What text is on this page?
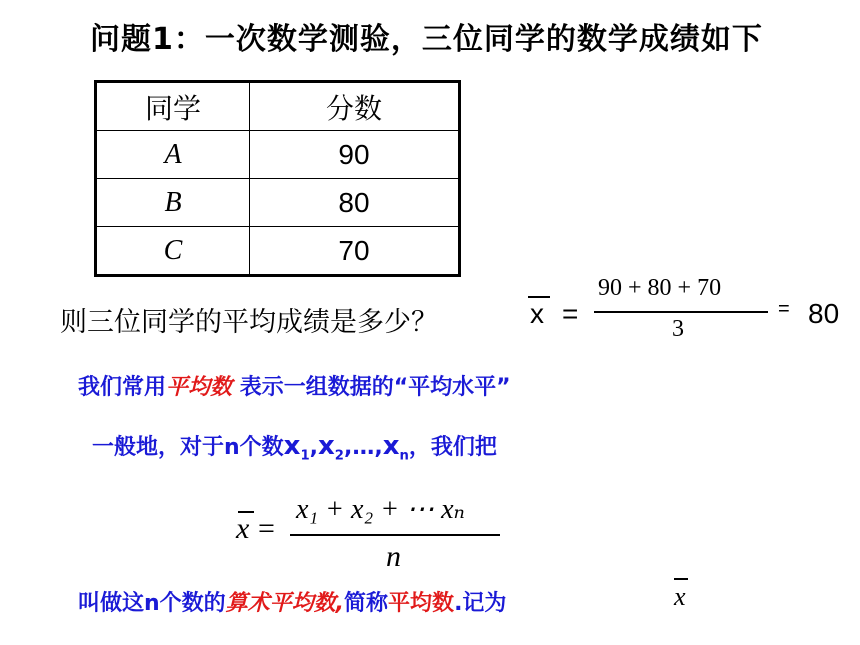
问题1：一次数学测验，三位同学的数学成绩如下
同学	分数
A	90
B	80
C	70
则三位同学的平均成绩是多少？	x =
90 + 80 + 70
3
= 80
我们常用平均数 表示一组数据的“平均水平”
一般地，对于n个数$x_1,x_2,\dots,x_n$，我们把
x =
x₁ + x₂ + ⋯ xₙ
n
叫做这n个数的算术平均数,简称平均数.记为	x
